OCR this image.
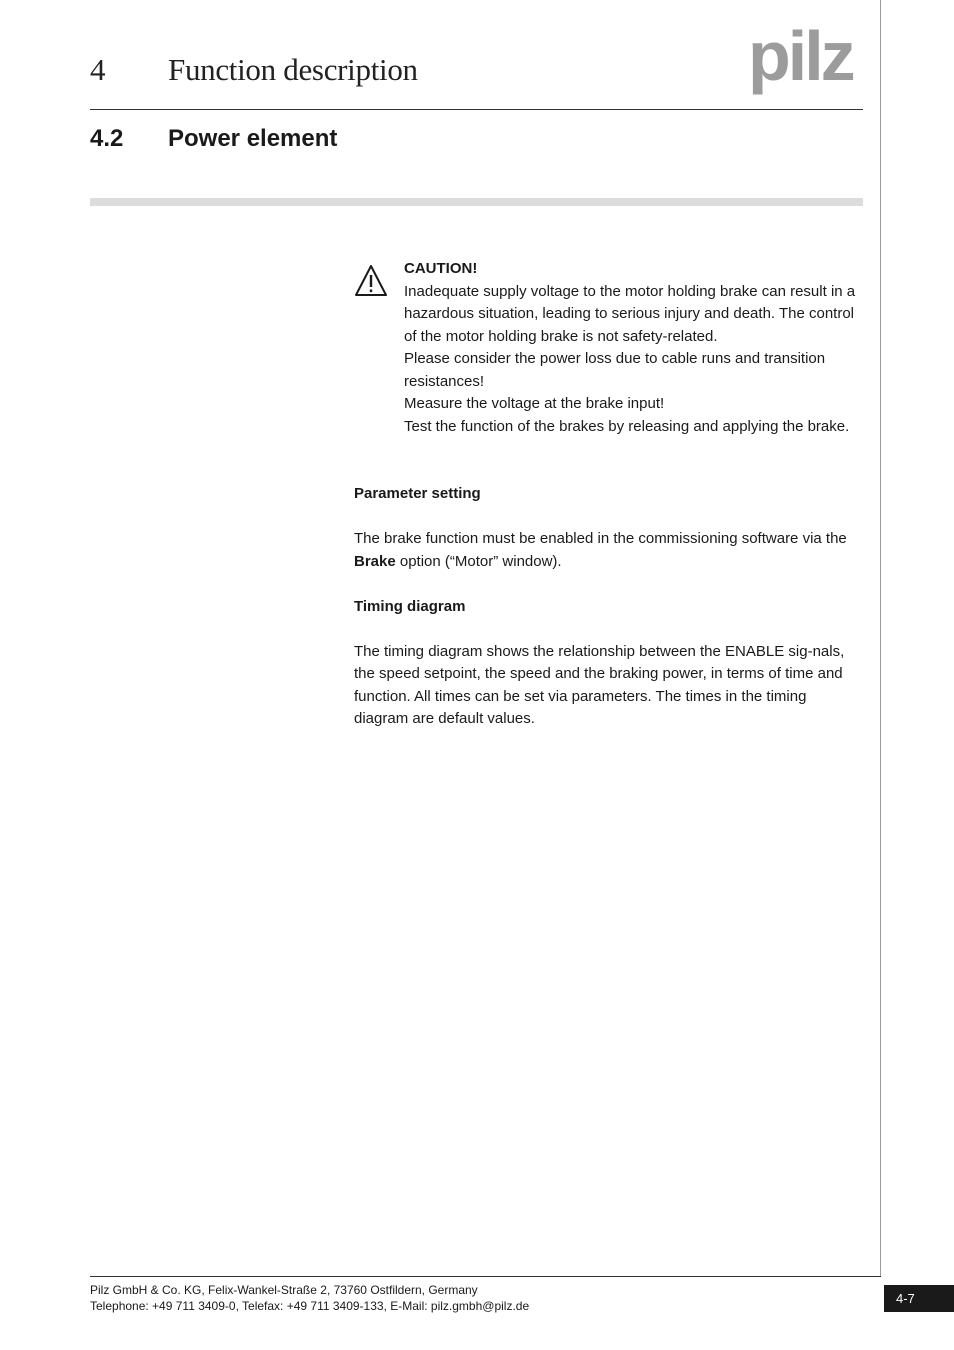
4 Function description	pilz
4.2 Power element

CAUTION!

Inadequate supply voltage to the motor holding brake can result in a hazardous situation, leading to serious injury and death. The control of the motor holding brake is not safety-related.

Please consider the power loss due to cable runs and transition resistances!

Measure the voltage at the brake input!

Test the function of the brakes by releasing and applying the brake.

Parameter setting

The brake function must be enabled in the commissioning software via the Brake option (“Motor” window).

Timing diagram

The timing diagram shows the relationship between the ENABLE sig-nals, the speed setpoint, the speed and the braking power, in terms of time and function. All times can be set via parameters. The times in the timing diagram are default values.

Pilz GmbH & Co. KG, Felix-Wankel-Straße 2, 73760 Ostfildern, Germany
Telephone: +49 711 3409-0, Telefax: +49 711 3409-133, E-Mail: pilz.gmbh@pilz.de	4-7
